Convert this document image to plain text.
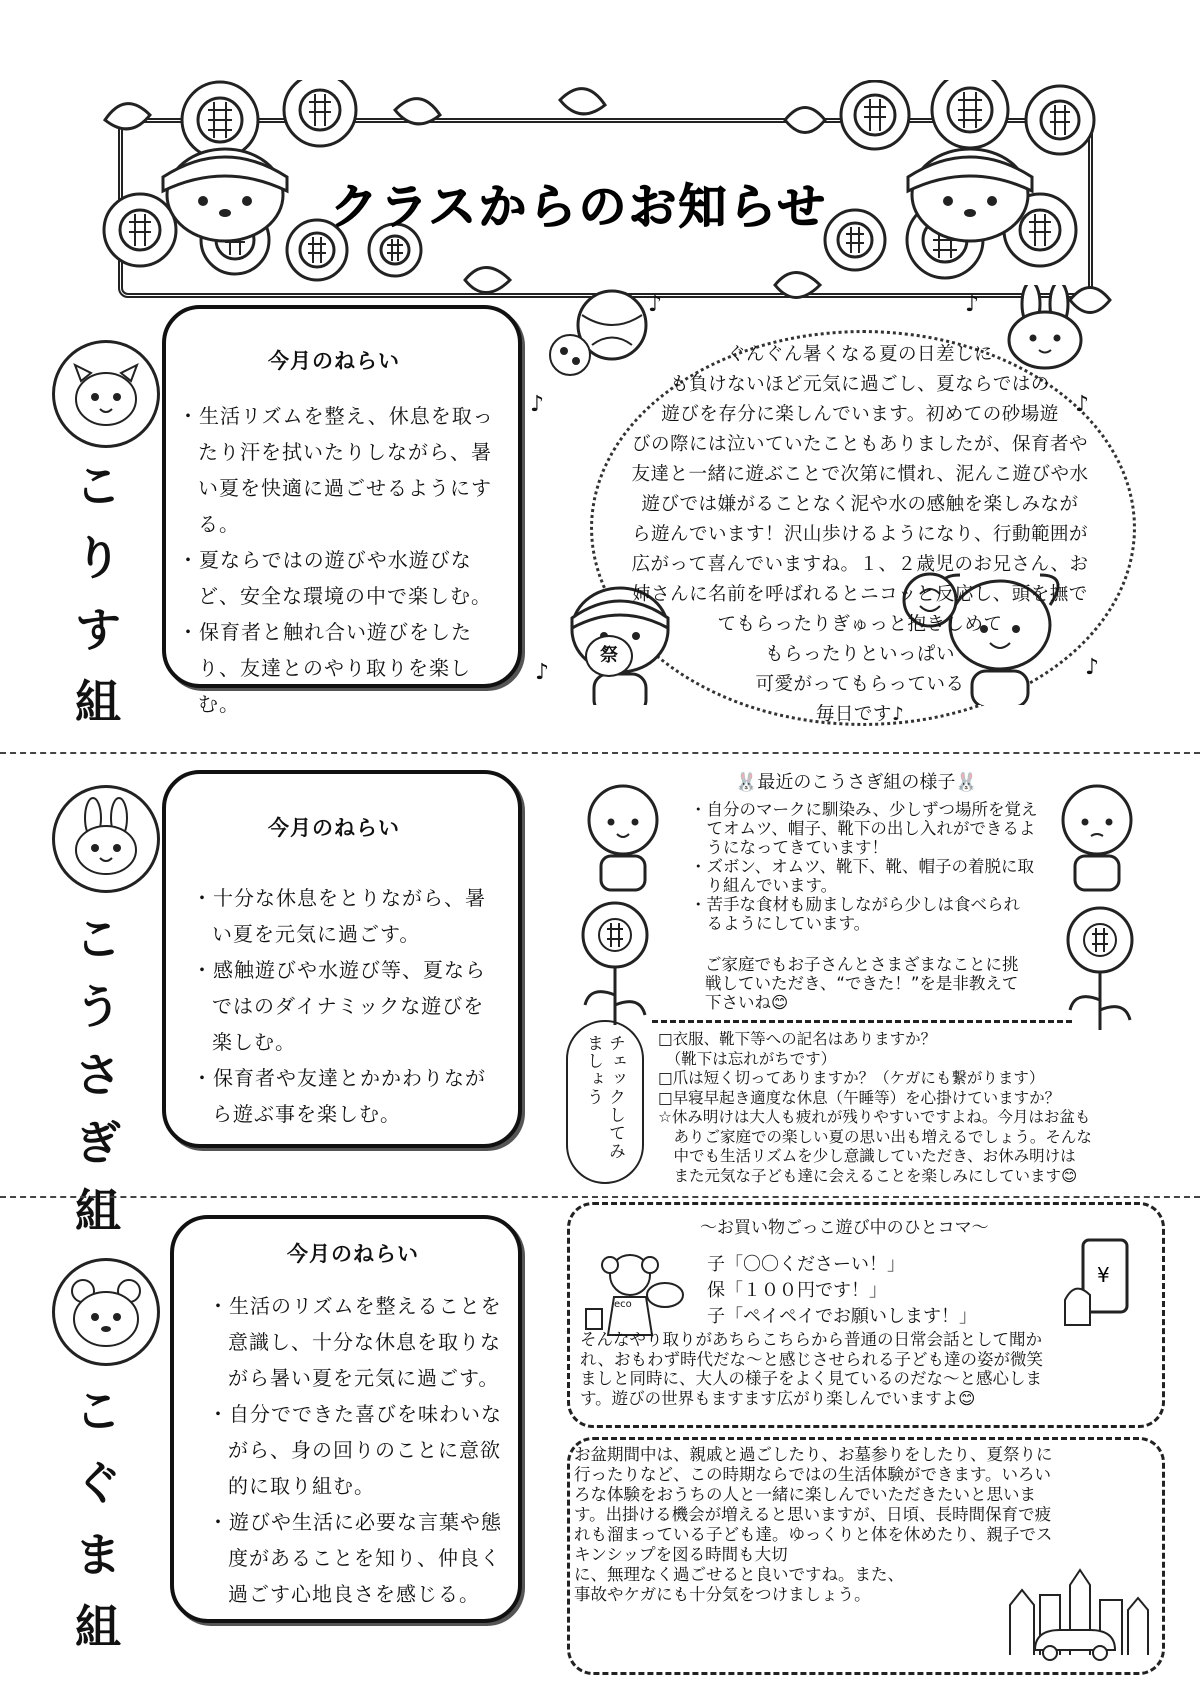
クラスからのお知らせ
こりす組
今月のねらい
・生活リズムを整え、休息を取ったり汗を拭いたりしながら、暑い夏を快適に過ごせるようにする。
・夏ならではの遊びや水遊びなど、安全な環境の中で楽しむ。
・保育者と触れ合い遊びをしたり、友達とのやり取りを楽しむ。
祭
♪	♪
♪	♪
♪	♪
ぐんぐん暑くなる夏の日差しに
も負けないほど元気に過ごし、夏ならではの
遊びを存分に楽しんでいます。初めての砂場遊
びの際には泣いていたこともありましたが、保育者や
友達と一緒に遊ぶことで次第に慣れ、泥んこ遊びや水
遊びでは嫌がることなく泥や水の感触を楽しみなが
ら遊んでいます！沢山歩けるようになり、行動範囲が
広がって喜んでいますね。１、２歳児のお兄さん、お
姉さんに名前を呼ばれるとニコッと反応し、頭を撫で
てもらったりぎゅっと抱きしめて
もらったりといっぱい
可愛がってもらっている
毎日です♪
こうさぎ組
今月のねらい
・十分な休息をとりながら、暑い夏を元気に過ごす。
・感触遊びや水遊び等、夏ならではのダイナミックな遊びを楽しむ。
・保育者や友達とかかわりながら遊ぶ事を楽しむ。
🐰最近のこうさぎ組の様子🐰
・自分のマークに馴染み、少しずつ場所を覚え
　てオムツ、帽子、靴下の出し入れができるよ
　うになってきています！
・ズボン、オムツ、靴下、靴、帽子の着脱に取
　り組んでいます。
・苦手な食材も励ましながら少しは食べられ
　るようにしています。
ご家庭でもお子さんとさまざまなことに挑
戦していただき、“できた！”を是非教えて
下さいね😊
チェックしてみましょう	□衣服、靴下等への記名はありますか？
　（靴下は忘れがちです）
□爪は短く切ってありますか？（ケガにも繋がります）
□早寝早起き適度な休息（午睡等）を心掛けていますか？
☆休み明けは大人も疲れが残りやすいですよね。今月はお盆も
　ありご家庭での楽しい夏の思い出も増えるでしょう。そんな
　中でも生活リズムを少し意識していただき、お休み明けは
　また元気な子ども達に会えることを楽しみにしています😊
こぐま組
今月のねらい
・生活のリズムを整えることを意識し、十分な休息を取りながら暑い夏を元気に過ごす。
・自分でできた喜びを味わいながら、身の回りのことに意欲的に取り組む。
・遊びや生活に必要な言葉や態度があることを知り、仲良く過ごす心地良さを感じる。
〜お買い物ごっこ遊び中のひとコマ〜
¥
eco
子「〇〇くださーい！」
保「１００円です！」
子「ペイペイでお願いします！」
そんなやり取りがあちらこちらから普通の日常会話として聞か
れ、おもわず時代だな〜と感じさせられる子ども達の姿が微笑
ましと同時に、大人の様子をよく見ているのだな〜と感心しま
す。遊びの世界もますます広がり楽しんでいますよ😊
お盆期間中は、親戚と過ごしたり、お墓参りをしたり、夏祭りに
行ったりなど、この時期ならではの生活体験ができます。いろい
ろな体験をおうちの人と一緒に楽しんでいただきたいと思いま
す。出掛ける機会が増えると思いますが、日頃、長時間保育で疲
れも溜まっている子ども達。ゆっくりと体を休めたり、親子でス
キンシップを図る時間も大切
に、無理なく過ごせると良いですね。また、
事故やケガにも十分気をつけましょう。
